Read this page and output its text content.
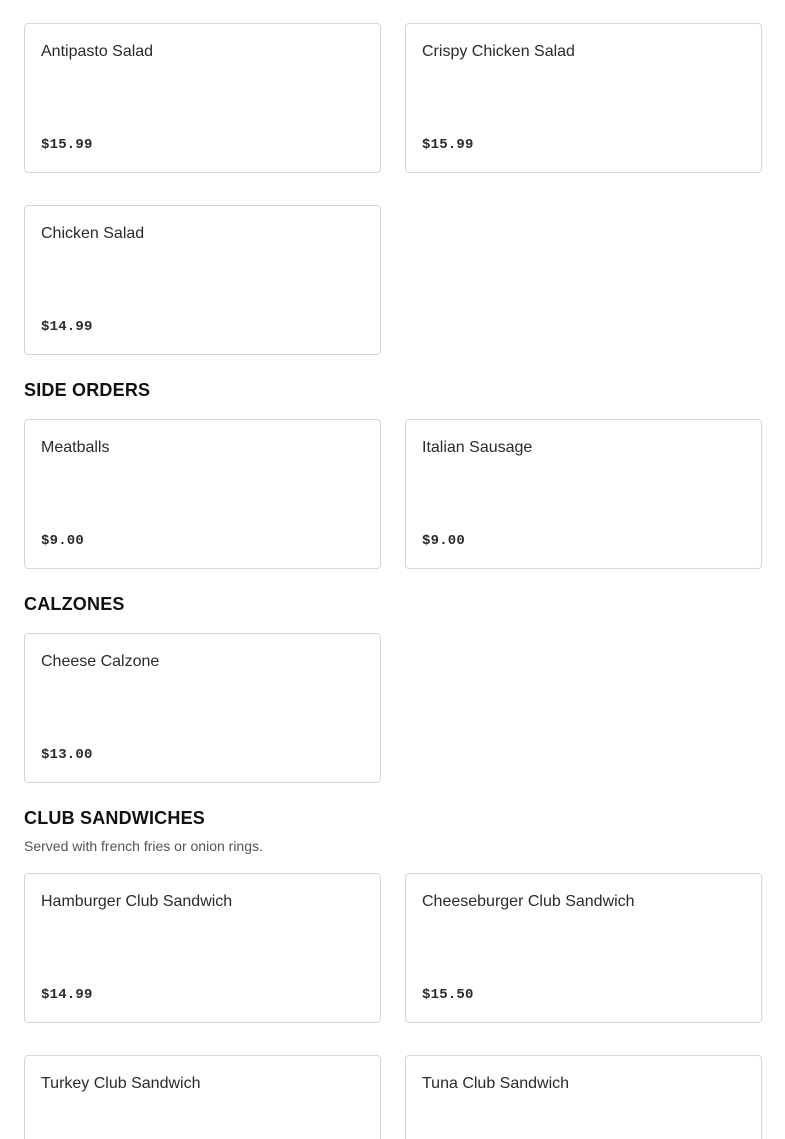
Antipasto Salad
$15.99
Crispy Chicken Salad
$15.99
Chicken Salad
$14.99
SIDE ORDERS
Meatballs
$9.00
Italian Sausage
$9.00
CALZONES
Cheese Calzone
$13.00
CLUB SANDWICHES
Served with french fries or onion rings.
Hamburger Club Sandwich
$14.99
Cheeseburger Club Sandwich
$15.50
Turkey Club Sandwich	Tuna Club Sandwich
